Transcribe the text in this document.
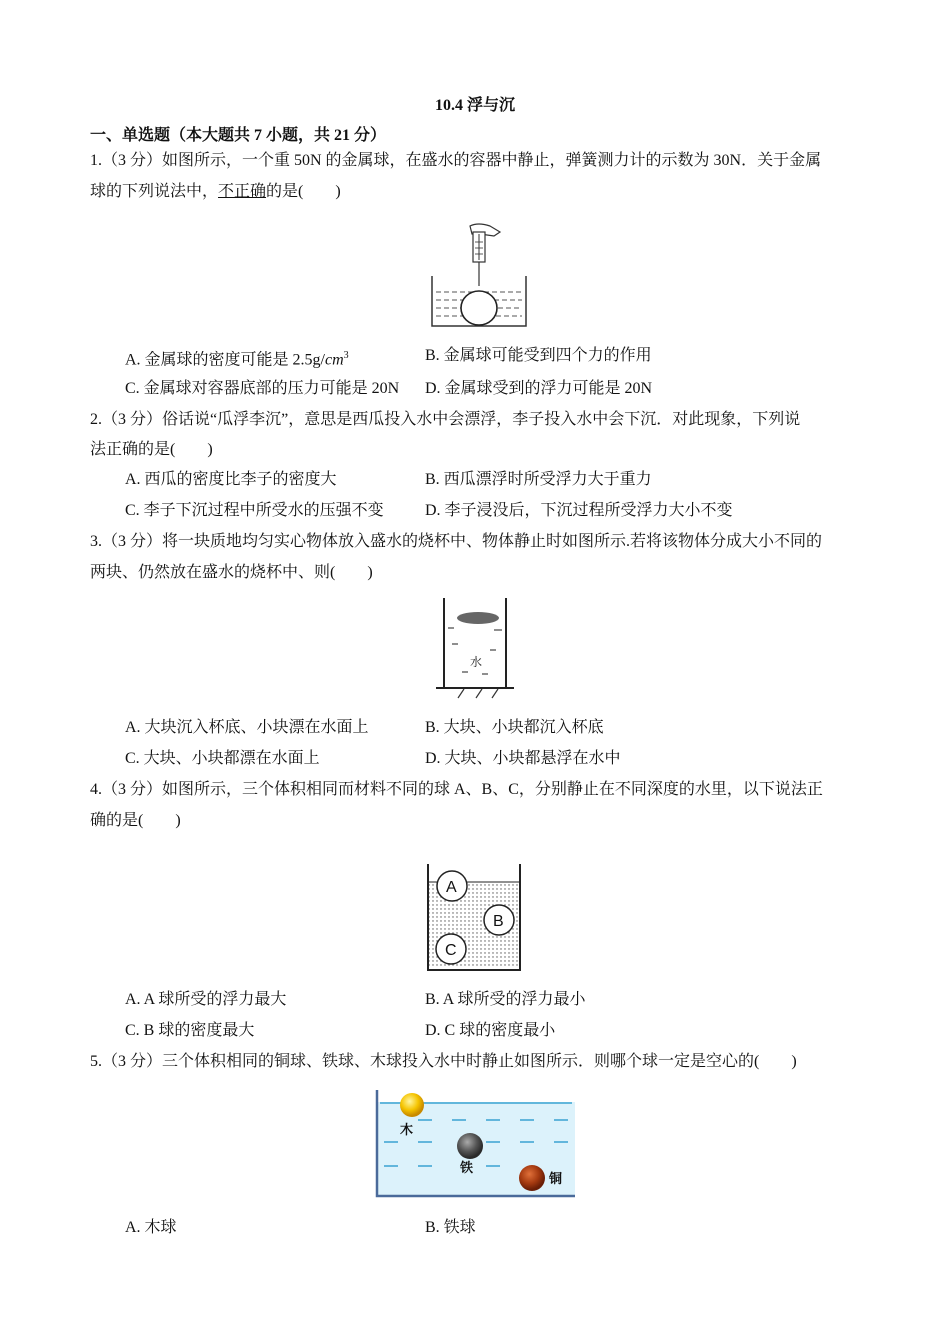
10.4 浮与沉
一、单选题（本大题共 7 小题，共 21 分）
1.（3 分）如图所示，一个重 50N 的金属球，在盛水的容器中静止，弹簧测力计的示数为 30N．关于金属
球的下列说法中，不正确的是(　　)
A. 金属球的密度可能是 $2.5g/cm^3$	B. 金属球可能受到四个力的作用
C. 金属球对容器底部的压力可能是 20N D. 金属球受到的浮力可能是 20N
2.（3 分）俗话说“瓜浮李沉”，意思是西瓜投入水中会漂浮，李子投入水中会下沉．对此现象，下列说
法正确的是(　　)
A. 西瓜的密度比李子的密度大	B. 西瓜漂浮时所受浮力大于重力
C. 李子下沉过程中所受水的压强不变	D. 李子浸没后，下沉过程所受浮力大小不变
3.（3 分）将一块质地均匀实心物体放入盛水的烧杯中、物体静止时如图所示.若将该物体分成大小不同的
两块、仍然放在盛水的烧杯中、则(　　)
水
A. 大块沉入杯底、小块漂在水面上	B. 大块、小块都沉入杯底
C. 大块、小块都漂在水面上	D. 大块、小块都悬浮在水中
4.（3 分）如图所示，三个体积相同而材料不同的球 A、B、C，分别静止在不同深度的水里，以下说法正
确的是(　　)
A
B
C
A. A 球所受的浮力最大	B. A 球所受的浮力最小
C. B 球的密度最大	D. C 球的密度最小
5.（3 分）三个体积相同的铜球、铁球、木球投入水中时静止如图所示．则哪个球一定是空心的(　　)
木
铁
铜
A. 木球	B. 铁球
